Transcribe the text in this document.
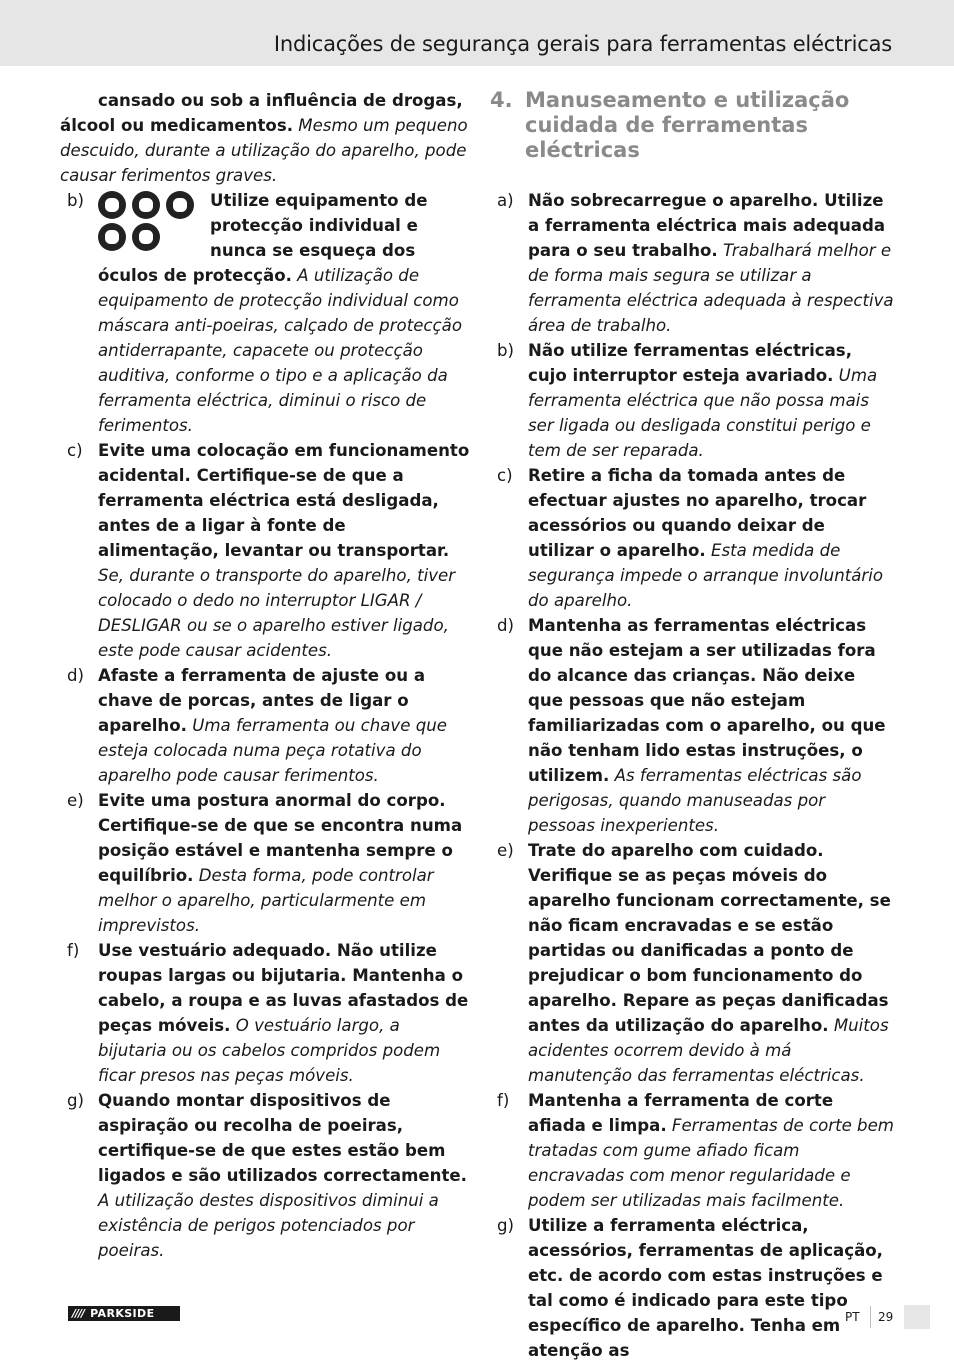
Indicações de segurança gerais para ferramentas eléctricas

cansado ou sob a influência de drogas, álcool ou medicamentos. Mesmo um pequeno descuido, durante a utilização do aparelho, pode causar ferimentos graves.

b)	Utilize equipamento de protecção individual e nunca se esqueça dos óculos de protecção. A utilização de equipamento de protecção individual como máscara anti-poeiras, calçado de protecção antiderrapante, capacete ou protecção auditiva, conforme o tipo e a aplicação da ferramenta eléctrica, diminui o risco de ferimentos.
c) Evite uma colocação em funcionamento acidental. Certifique-se de que a ferramenta eléctrica está desligada, antes de a ligar à fonte de alimentação, levantar ou transportar. Se, durante o transporte do aparelho, tiver colocado o dedo no interruptor LIGAR / DESLIGAR ou se o aparelho estiver ligado, este pode causar acidentes.
d) Afaste a ferramenta de ajuste ou a chave de porcas, antes de ligar o aparelho. Uma ferramenta ou chave que esteja colocada numa peça rotativa do aparelho pode causar ferimentos.
e) Evite uma postura anormal do corpo. Certifique-se de que se encontra numa posição estável e mantenha sempre o equilíbrio. Desta forma, pode controlar melhor o aparelho, particularmente em imprevistos.
f) Use vestuário adequado. Não utilize roupas largas ou bijutaria. Mantenha o cabelo, a roupa e as luvas afastados de peças móveis. O vestuário largo, a bijutaria ou os cabelos compridos podem ficar presos nas peças móveis.
g) Quando montar dispositivos de aspiração ou recolha de poeiras, certifique-se de que estes estão bem ligados e são utilizados correctamente. A utilização destes dispositivos diminui a existência de perigos potenciados por poeiras.
4. Manuseamento e utilização cuidada de ferramentas eléctricas
a) Não sobrecarregue o aparelho. Utilize a ferramenta eléctrica mais adequada para o seu trabalho. Trabalhará melhor e de forma mais segura se utilizar a ferramenta eléctrica adequada à respectiva área de trabalho.
b) Não utilize ferramentas eléctricas, cujo interruptor esteja avariado. Uma ferramenta eléctrica que não possa mais ser ligada ou desligada constitui perigo e tem de ser reparada.
c) Retire a ficha da tomada antes de efectuar ajustes no aparelho, trocar acessórios ou quando deixar de utilizar o aparelho. Esta medida de segurança impede o arranque involuntário do aparelho.
d) Mantenha as ferramentas eléctricas que não estejam a ser utilizadas fora do alcance das crianças. Não deixe que pessoas que não estejam familiarizadas com o aparelho, ou que não tenham lido estas instruções, o utilizem. As ferramentas eléctricas são perigosas, quando manuseadas por pessoas inexperientes.
e) Trate do aparelho com cuidado. Verifique se as peças móveis do aparelho funcionam correctamente, se não ficam encravadas e se estão partidas ou danificadas a ponto de prejudicar o bom funcionamento do aparelho. Repare as peças danificadas antes da utilização do aparelho. Muitos acidentes ocorrem devido à má manutenção das ferramentas eléctricas.
f) Mantenha a ferramenta de corte afiada e limpa. Ferramentas de corte bem tratadas com gume afiado ficam encravadas com menor regularidade e podem ser utilizadas mais facilmente.
g) Utilize a ferramenta eléctrica, acessórios, ferramentas de aplicação, etc. de acordo com estas instruções e tal como é indicado para este tipo específico de aparelho. Tenha em atenção as
//// PARKSIDE	PT 29
